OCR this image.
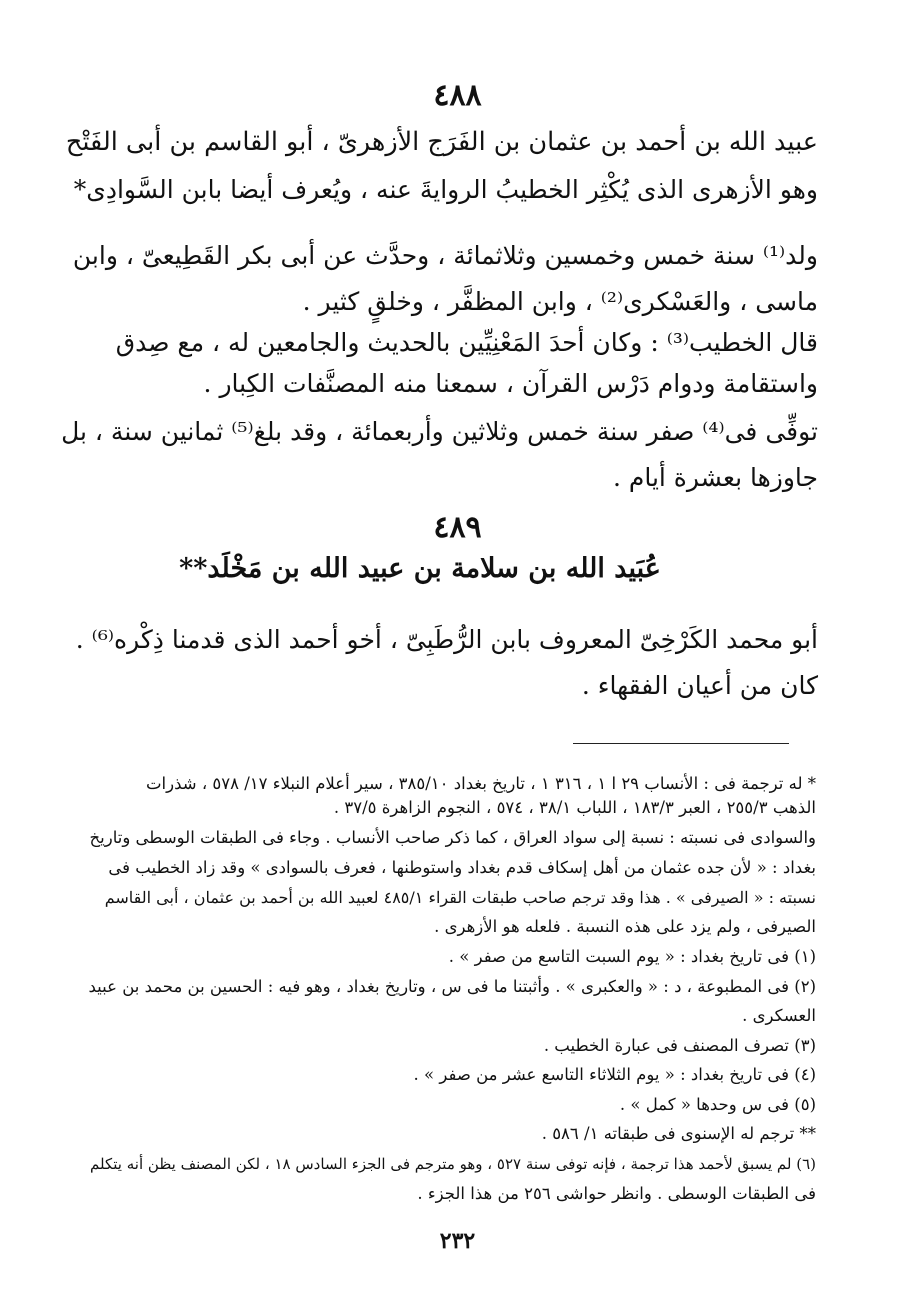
٤٨٨
عبيد الله بن أحمد بن عثمان بن الفَرَج الأزهرىّ ، أبو القاسم بن أبى الفَتْح
وهو الأزهرى الذى يُكْثِر الخطيبُ الروايةَ عنه ، ويُعرف أيضا بابن السَّوادِى*
ولد⁽¹⁾ سنة خمس وخمسين وثلاثمائة ، وحدَّث عن أبى بكر القَطِيعىّ ، وابن
ماسى ، والعَسْكرى⁽²⁾ ، وابن المظفَّر ، وخلقٍ كثير .
قال الخطيب⁽³⁾ : وكان أحدَ المَعْنِيِّين بالحديث والجامعين له ، مع صِدق
واستقامة ودوام دَرْس القرآن ، سمعنا منه المصنَّفات الكِبار .
توفِّى فى⁽⁴⁾ صفر سنة خمس وثلاثين وأربعمائة ، وقد بلغ⁽⁵⁾ ثمانين سنة ، بل
جاوزها بعشرة أيام .
٤٨٩
عُبَيد الله بن سلامة بن عبيد الله بن مَخْلَد**
أبو محمد الكَرْخِىّ المعروف بابن الرُّطَبِىّ ، أخو أحمد الذى قدمنا ذِكْره⁽⁶⁾ .
كان من أعيان الفقهاء .
* له ترجمة فى : الأنساب ٢٩ ا ١ ، ٣١٦ ١ ، تاريخ بغداد ٣٨٥/١٠ ، سير أعلام النبلاء ١٧/ ٥٧٨ ، شذرات
الذهب ٢٥٥/٣ ، العبر ١٨٣/٣ ، اللباب ٣٨/١ ، ٥٧٤ ، النجوم الزاهرة ٣٧/٥ .
والسوادى فى نسبته : نسبة إلى سواد العراق ، كما ذكر صاحب الأنساب . وجاء فى الطبقات الوسطى وتاريخ
بغداد : « لأن جده عثمان من أهل إسكاف قدم بغداد واستوطنها ، فعرف بالسوادى » وقد زاد الخطيب فى
نسبته : « الصيرفى » . هذا وقد ترجم صاحب طبقات القراء ٤٨٥/١ لعبيد الله بن أحمد بن عثمان ، أبى القاسم
الصيرفى ، ولم يزد على هذه النسبة . فلعله هو الأزهرى .
(١) فى تاريخ بغداد : « يوم السبت التاسع من صفر » .
(٢) فى المطبوعة ، د : « والعكبرى » . وأثبتنا ما فى س ، وتاريخ بغداد ، وهو فيه : الحسين بن محمد بن عبيد
العسكرى .
(٣) تصرف المصنف فى عبارة الخطيب .
(٤) فى تاريخ بغداد : « يوم الثلاثاء التاسع عشر من صفر » .
(٥) فى س وحدها « كمل » .
** ترجم له الإسنوى فى طبقاته ١/ ٥٨٦ .
(٦) لم يسبق لأحمد هذا ترجمة ، فإنه توفى سنة ٥٢٧ ، وهو مترجم فى الجزء السادس ١٨ ، لكن المصنف يظن أنه يتكلم
فى الطبقات الوسطى . وانظر حواشى ٢٥٦ من هذا الجزء .
٢٣٢
